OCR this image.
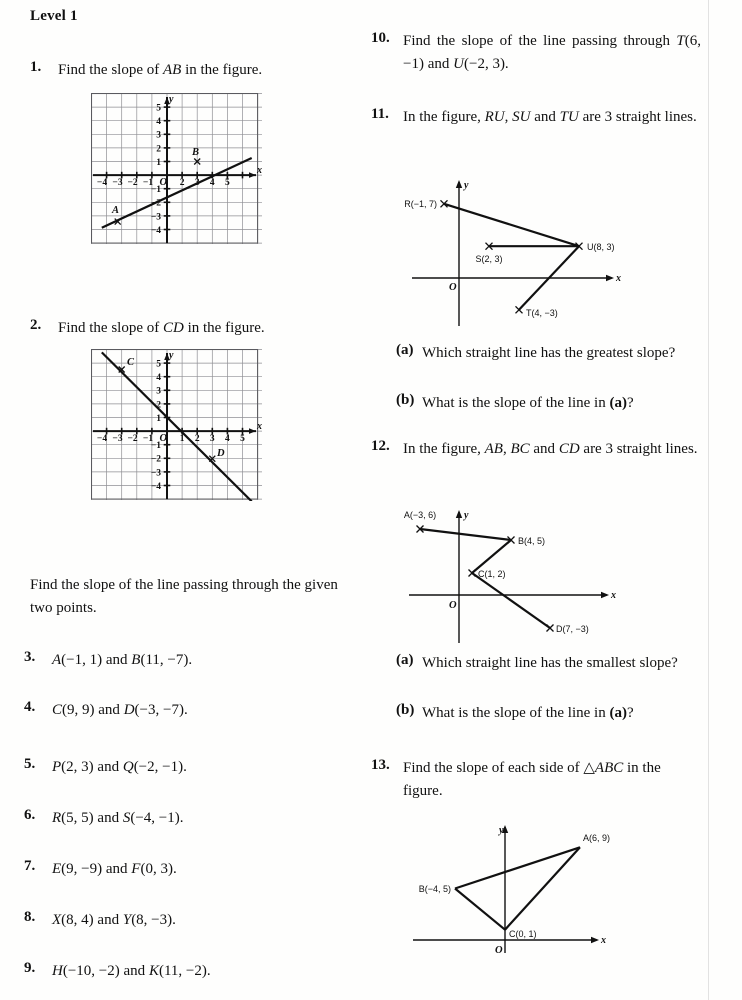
Level 1
1.	Find the slope of AB in the figure.
x
y
−4 −3 −2 −1	2 3 4 5
5
4
3
2
1
−1
−2
−3
−4
O
A
B
2.	Find the slope of CD in the figure.
x
y
−4 −3 −2 −1	1 2 3 4 5
5
4
3
2
1
−1
−2
−3
−4
O
C
D
Find the slope of the line passing through the given two points.
3.	A(−1, 1) and B(11, −7).
4.	C(9, 9) and D(−3, −7).
5.	P(2, 3) and Q(−2, −1).
6.	R(5, 5) and S(−4, −1).
7.	E(9, −9) and F(0, 3).
8.	X(8, 4) and Y(8, −3).
9.	H(−10, −2) and K(11, −2).
10. Find the slope of the line passing through T(6, −1) and U(−2, 3).
11. In the figure, RU, SU and TU are 3 straight lines.
x
y
O
R(−1, 7)
S(2, 3)
U(8, 3)
T(4, −3)
(a) Which straight line has the greatest slope?
(b) What is the slope of the line in (a)?
12. In the figure, AB, BC and CD are 3 straight lines.
x
y
O
A(−3, 6)
B(4, 5)
C(1, 2)
D(7, −3)
(a) Which straight line has the smallest slope?
(b) What is the slope of the line in (a)?
13. Find the slope of each side of △ABC in the figure.
x
y
O
A(6, 9)
B(−4, 5)
C(0, 1)
